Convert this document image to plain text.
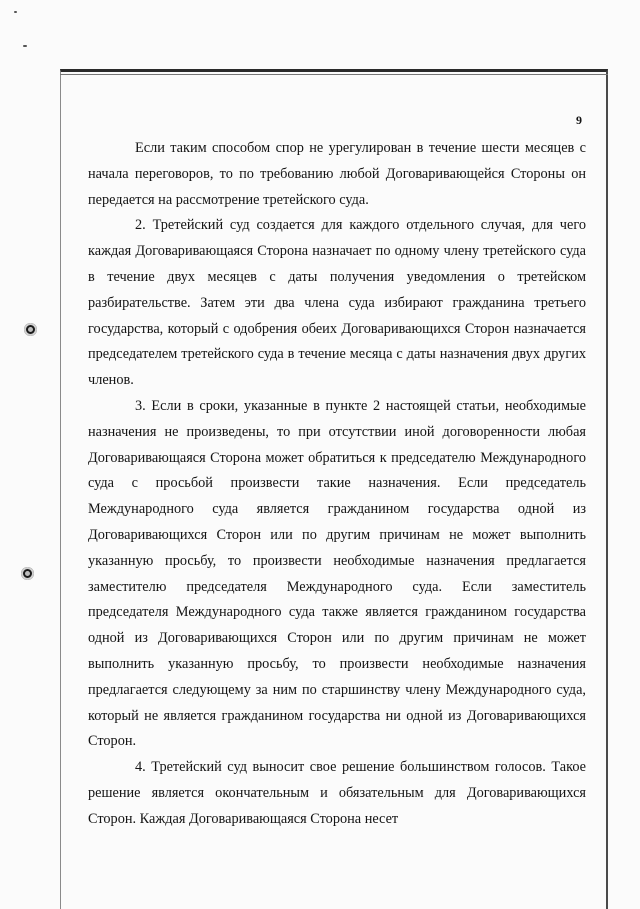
9

Если таким способом спор не урегулирован в течение шести месяцев с начала переговоров, то по требованию любой Договаривающейся Стороны он передается на рассмотрение третейского суда.

2. Третейский суд создается для каждого отдельного случая, для чего каждая Договаривающаяся Сторона назначает по одному члену третейского суда в течение двух месяцев с даты получения уведомления о третейском разбирательстве. Затем эти два члена суда избирают гражданина третьего государства, который с одобрения обеих Договаривающихся Сторон назначается председателем третейского суда в течение месяца с даты назначения двух других членов.

3. Если в сроки, указанные в пункте 2 настоящей статьи, необходимые назначения не произведены, то при отсутствии иной договоренности любая Договаривающаяся Сторона может обратиться к председателю Международного суда с просьбой произвести такие назначения. Если председатель Международного суда является гражданином государства одной из Договаривающихся Сторон или по другим причинам не может выполнить указанную просьбу, то произвести необходимые назначения предлагается заместителю председателя Международного суда. Если заместитель председателя Международного суда также является гражданином государства одной из Договаривающихся Сторон или по другим причинам не может выполнить указанную просьбу, то произвести необходимые назначения предлагается следующему за ним по старшинству члену Международного суда, который не является гражданином государства ни одной из Договаривающихся Сторон.

4. Третейский суд выносит свое решение большинством голосов. Такое решение является окончательным и обязательным для Договаривающихся Сторон. Каждая Договаривающаяся Сторона несет
